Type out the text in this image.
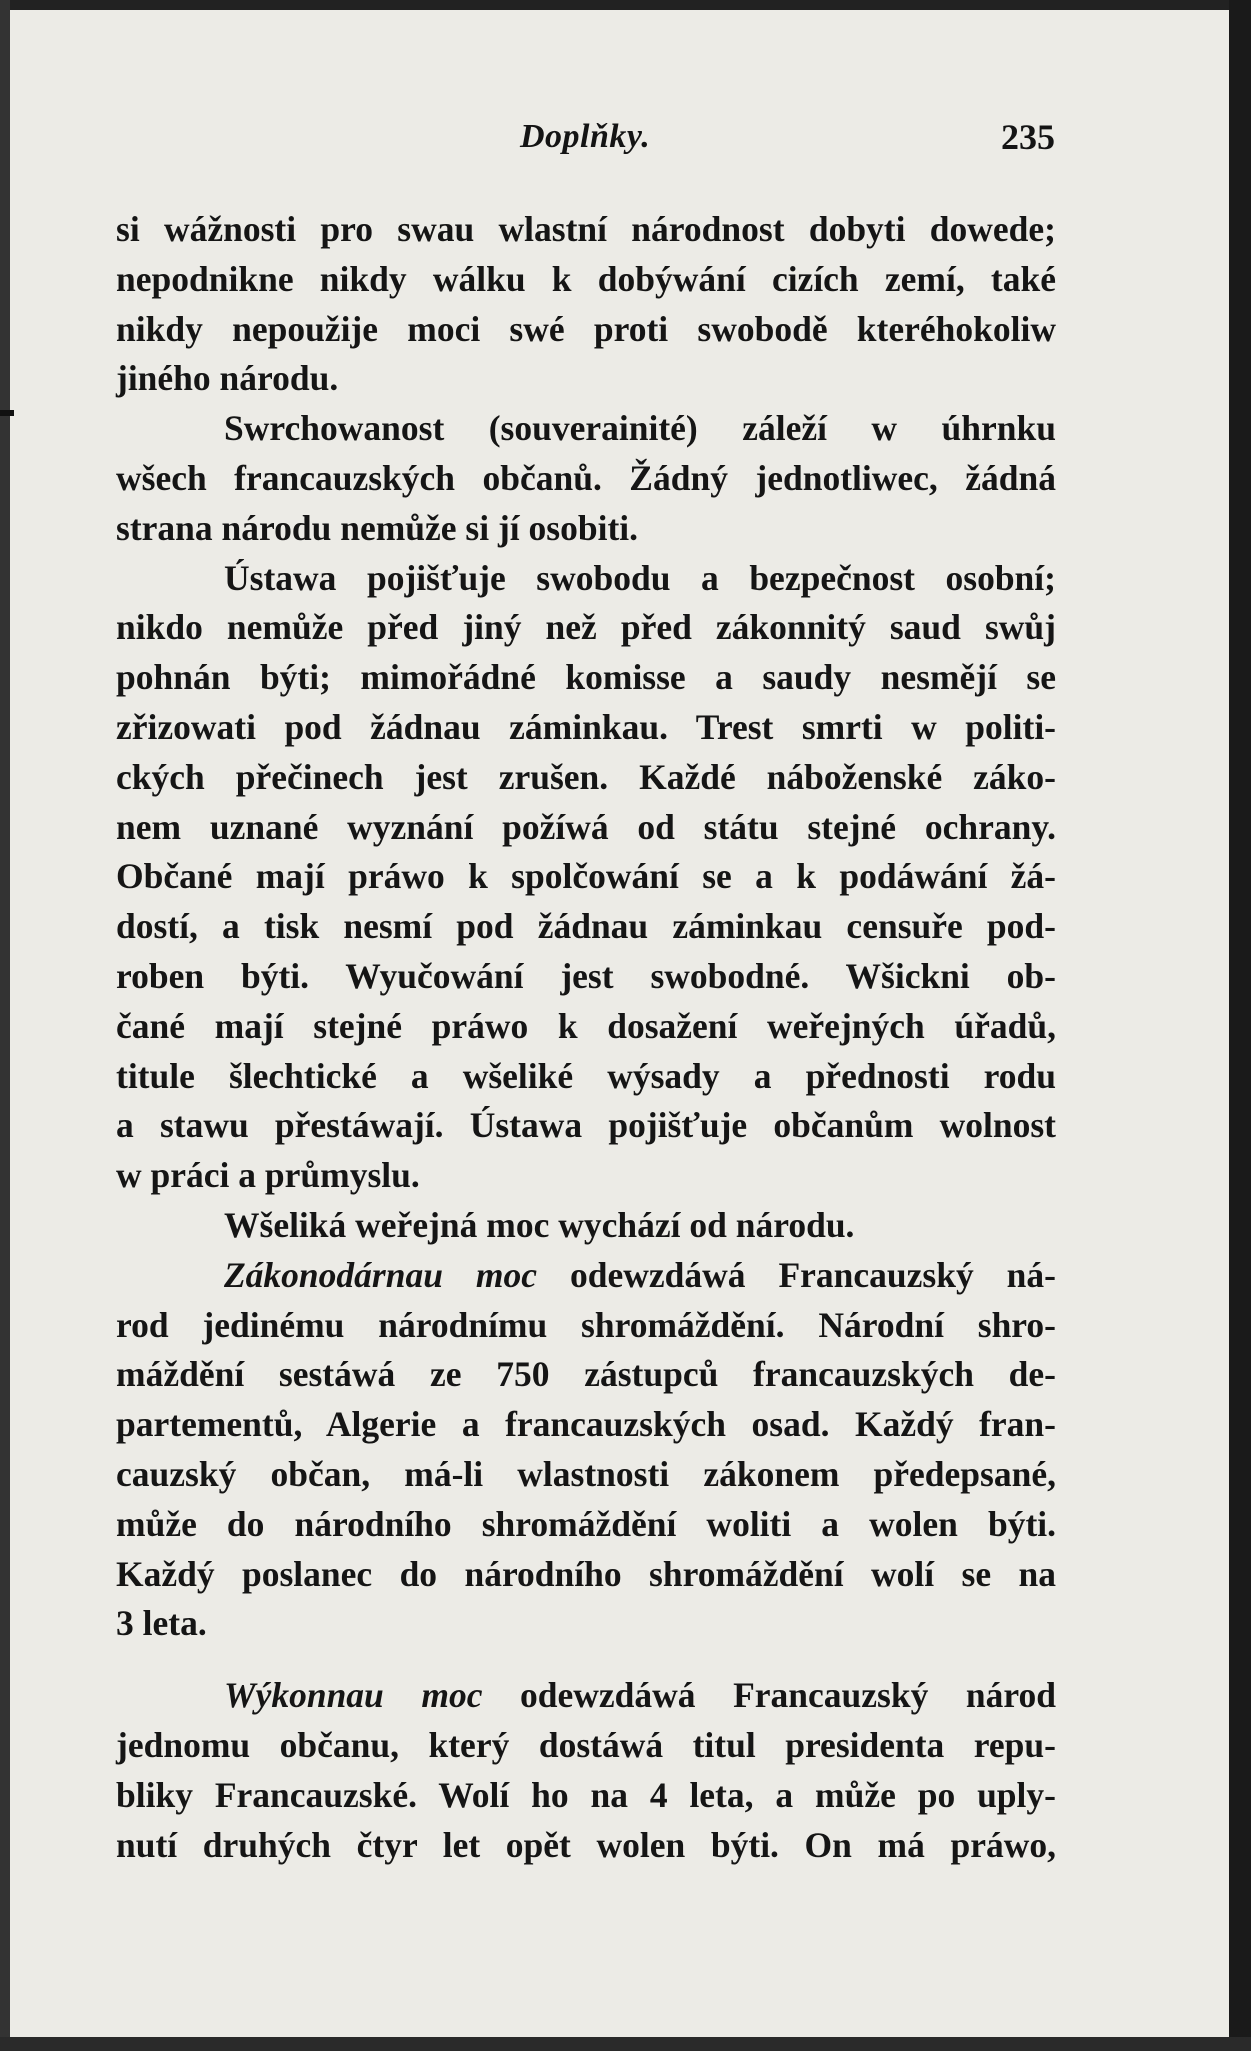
Doplňky.	235
si wážnosti pro swau wlastní národnost dobyti dowede;
nepodnikne nikdy wálku k dobýwání cizích zemí, také
nikdy nepoužije moci swé proti swobodě kteréhokoliw
jiného národu.
Swrchowanost (souverainité) záleží w úhrnku
wšech francauzských občanů. Žádný jednotliwec, žádná
strana národu nemůže si jí osobiti.
Ústawa pojišťuje swobodu a bezpečnost osobní;
nikdo nemůže před jiný než před zákonnitý saud swůj
pohnán býti; mimořádné komisse a saudy nesmějí se
zřizowati pod žádnau záminkau. Trest smrti w politi-
ckých přečinech jest zrušen. Každé náboženské záko-
nem uznané wyznání požíwá od státu stejné ochrany.
Občané mají práwo k spolčowání se a k podáwání žá-
dostí, a tisk nesmí pod žádnau záminkau censuře pod-
roben býti. Wyučowání jest swobodné. Wšickni ob-
čané mají stejné práwo k dosažení weřejných úřadů,
titule šlechtické a wšeliké wýsady a přednosti rodu
a stawu přestáwají. Ústawa pojišťuje občanům wolnost
w práci a průmyslu.
Wšeliká weřejná moc wychází od národu.
Zákonodárnau moc odewzdáwá Francauzský ná-
rod jedinému národnímu shromáždění. Národní shro-
máždění sestáwá ze 750 zástupců francauzských de-
partementů, Algerie a francauzských osad. Každý fran-
cauzský občan, má-li wlastnosti zákonem předepsané,
může do národního shromáždění woliti a wolen býti.
Každý poslanec do národního shromáždění wolí se na
3 leta.
Wýkonnau moc odewzdáwá Francauzský národ
jednomu občanu, který dostáwá titul presidenta repu-
bliky Francauzské. Wolí ho na 4 leta, a může po uply-
nutí druhých čtyr let opět wolen býti. On má práwo,
